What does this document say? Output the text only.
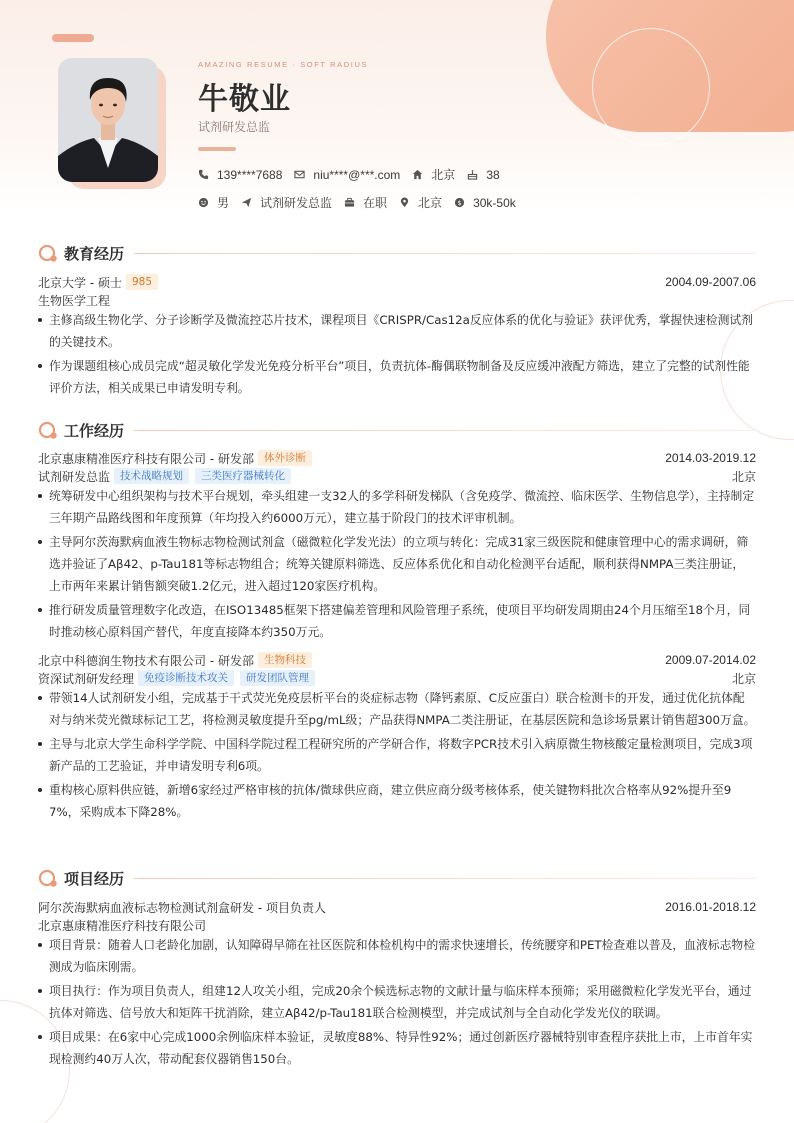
AMAZING RESUME · SOFT RADIUS
牛敬业
试剂研发总监
139****7688	niu****@***.com	北京	38
男	试剂研发总监	在职	北京 $ 30k-50k
教育经历
北京大学 - 硕士 985	2004.09-2007.06
生物医学工程
主修高级生物化学、分子诊断学及微流控芯片技术，课程项目《CRISPR/Cas12a反应体系的优化与验证》获评优秀，掌握快速检测试剂的关键技术。
作为课题组核心成员完成“超灵敏化学发光免疫分析平台”项目，负责抗体-酶偶联物制备及反应缓冲液配方筛选，建立了完整的试剂性能评价方法，相关成果已申请发明专利。
工作经历
北京惠康精准医疗科技有限公司 - 研发部 体外诊断	2014.03-2019.12
试剂研发总监 技术战略规划	三类医疗器械转化	北京
统筹研发中心组织架构与技术平台规划，牵头组建一支32人的多学科研发梯队（含免疫学、微流控、临床医学、生物信息学），主持制定三年期产品路线图和年度预算（年均投入约6000万元），建立基于阶段门的技术评审机制。
主导阿尔茨海默病血液生物标志物检测试剂盒（磁微粒化学发光法）的立项与转化：完成31家三级医院和健康管理中心的需求调研，筛选并验证了Aβ42、p-Tau181等标志物组合；统筹关键原料筛选、反应体系优化和自动化检测平台适配，顺利获得NMPA三类注册证，上市两年来累计销售额突破1.2亿元，进入超过120家医疗机构。
推行研发质量管理数字化改造，在ISO13485框架下搭建偏差管理和风险管理子系统，使项目平均研发周期由24个月压缩至18个月，同时推动核心原料国产替代，年度直接降本约350万元。
北京中科德润生物技术有限公司 - 研发部 生物科技	2009.07-2014.02
资深试剂研发经理 免疫诊断技术攻关	研发团队管理	北京
带领14人试剂研发小组，完成基于干式荧光免疫层析平台的炎症标志物（降钙素原、C反应蛋白）联合检测卡的开发，通过优化抗体配对与纳米荧光微球标记工艺，将检测灵敏度提升至pg/mL级；产品获得NMPA二类注册证，在基层医院和急诊场景累计销售超300万盒。
主导与北京大学生命科学学院、中国科学院过程工程研究所的产学研合作，将数字PCR技术引入病原微生物核酸定量检测项目，完成3项新产品的工艺验证，并申请发明专利6项。
重构核心原料供应链，新增6家经过严格审核的抗体/微球供应商，建立供应商分级考核体系，使关键物料批次合格率从92%提升至97%，采购成本下降28%。
项目经历
阿尔茨海默病血液标志物检测试剂盒研发 - 项目负责人	2016.01-2018.12
北京惠康精准医疗科技有限公司
项目背景：随着人口老龄化加剧，认知障碍早筛在社区医院和体检机构中的需求快速增长，传统腰穿和PET检查难以普及，血液标志物检测成为临床刚需。
项目执行：作为项目负责人，组建12人攻关小组，完成20余个候选标志物的文献计量与临床样本预筛；采用磁微粒化学发光平台，通过抗体对筛选、信号放大和矩阵干扰消除，建立Aβ42/p-Tau181联合检测模型，并完成试剂与全自动化学发光仪的联调。
项目成果：在6家中心完成1000余例临床样本验证，灵敏度88%、特异性92%；通过创新医疗器械特别审查程序获批上市，上市首年实现检测约40万人次，带动配套仪器销售150台。
